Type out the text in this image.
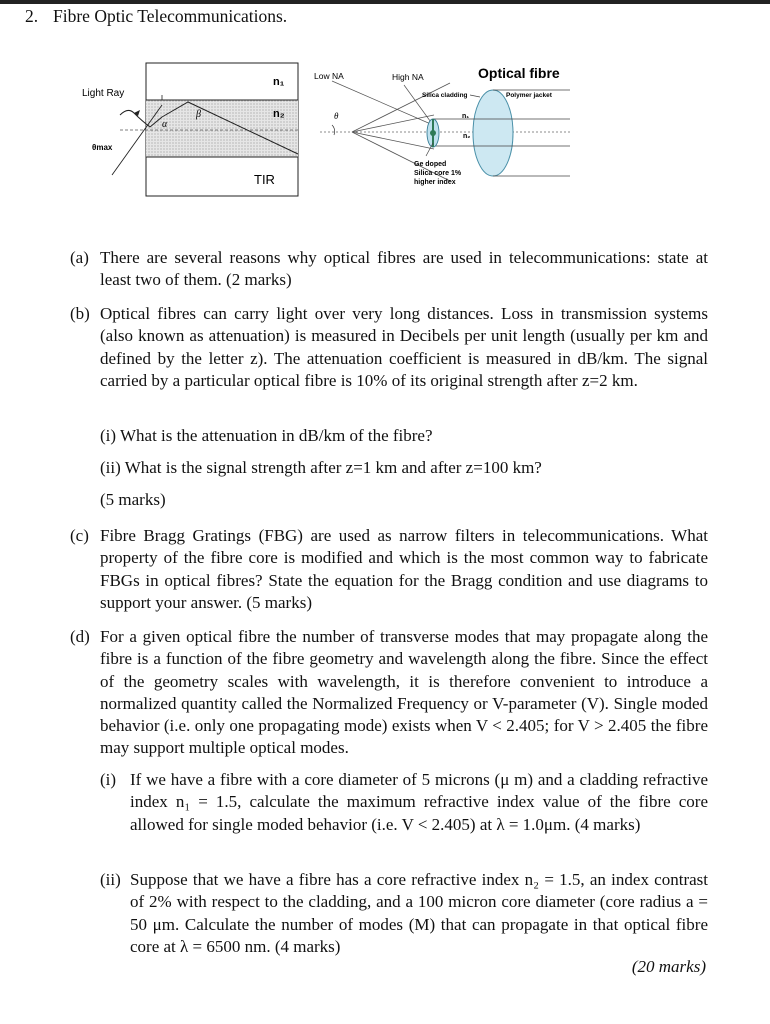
2. Fibre Optic Telecommunications.
Light Ray
n₁
n₂
β
α
θmax
TIR
Low NA	High NA	Optical fibre
Silica cladding	Polymer jacket
n₁
n₂
θ
Ge doped
Silica core 1%
higher index
(a) There are several reasons why optical fibres are used in telecommunications: state at least two of them. (2 marks)
(b) Optical fibres can carry light over very long distances. Loss in transmission systems (also known as attenuation) is measured in Decibels per unit length (usually per km and defined by the letter z). The attenuation coefficient is measured in dB/km. The signal carried by a particular optical fibre is 10% of its original strength after z=2 km.
(i) What is the attenuation in dB/km of the fibre?
(ii) What is the signal strength after z=1 km and after z=100 km?
(5 marks)
(c) Fibre Bragg Gratings (FBG) are used as narrow filters in telecommunications. What property of the fibre core is modified and which is the most common way to fabricate FBGs in optical fibres? State the equation for the Bragg condition and use diagrams to support your answer. (5 marks)
(d) For a given optical fibre the number of transverse modes that may propagate along the fibre is a function of the fibre geometry and wavelength along the fibre. Since the effect of the geometry scales with wavelength, it is therefore convenient to introduce a normalized quantity called the Normalized Frequency or V-parameter (V). Single moded behavior (i.e. only one propagating mode) exists when V < 2.405; for V > 2.405 the fibre may support multiple optical modes.
(i) If we have a fibre with a core diameter of 5 microns (μ m) and a cladding refractive index n₁ = 1.5, calculate the maximum refractive index value of the fibre core allowed for single moded behavior (i.e. V < 2.405) at λ = 1.0μm. (4 marks)
(ii) Suppose that we have a fibre has a core refractive index n₂ = 1.5, an index contrast of 2% with respect to the cladding, and a 100 micron core diameter (core radius a = 50 μm. Calculate the number of modes (M) that can propagate in that optical fibre core at λ = 6500 nm. (4 marks)
(20 marks)
